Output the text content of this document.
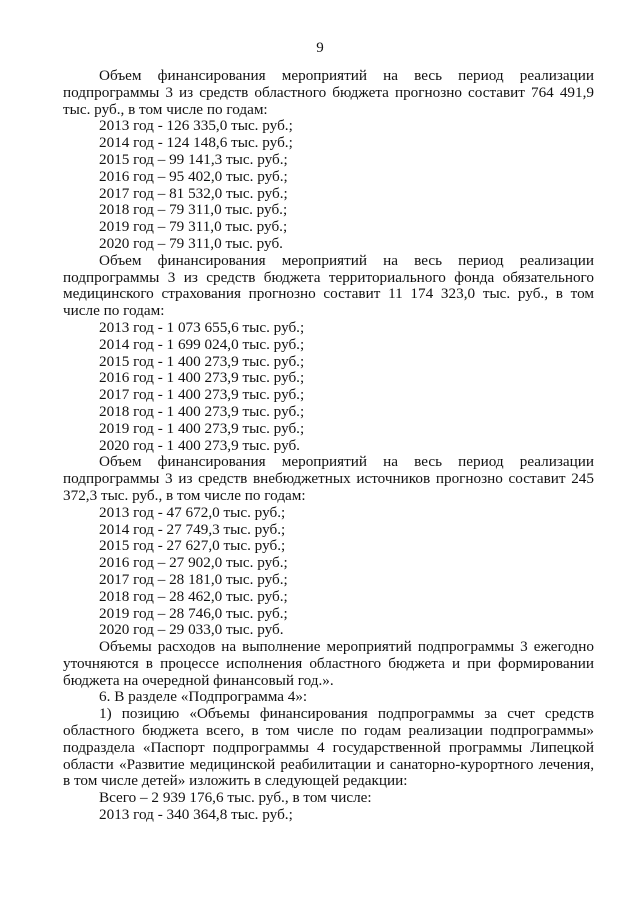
9

Объем финансирования мероприятий на весь период реализации подпрограммы 3 из средств областного бюджета прогнозно составит 764 491,9 тыс. руб., в том числе по годам:

2013 год - 126 335,0 тыс. руб.;
2014 год - 124 148,6 тыс. руб.;
2015 год – 99 141,3 тыс. руб.;
2016 год – 95 402,0 тыс. руб.;
2017 год – 81 532,0 тыс. руб.;
2018 год – 79 311,0 тыс. руб.;
2019 год – 79 311,0 тыс. руб.;
2020 год – 79 311,0 тыс. руб.

Объем финансирования мероприятий на весь период реализации подпрограммы 3 из средств бюджета территориального фонда обязательного медицинского страхования прогнозно составит 11 174 323,0 тыс. руб., в том числе по годам:

2013 год - 1 073 655,6 тыс. руб.;
2014 год - 1 699 024,0 тыс. руб.;
2015 год - 1 400 273,9 тыс. руб.;
2016 год - 1 400 273,9 тыс. руб.;
2017 год - 1 400 273,9 тыс. руб.;
2018 год - 1 400 273,9 тыс. руб.;
2019 год - 1 400 273,9 тыс. руб.;
2020 год - 1 400 273,9 тыс. руб.

Объем финансирования мероприятий на весь период реализации подпрограммы 3 из средств внебюджетных источников прогнозно составит 245 372,3 тыс. руб., в том числе по годам:

2013 год - 47 672,0 тыс. руб.;
2014 год - 27 749,3 тыс. руб.;
2015 год - 27 627,0 тыс. руб.;
2016 год – 27 902,0 тыс. руб.;
2017 год – 28 181,0 тыс. руб.;
2018 год – 28 462,0 тыс. руб.;
2019 год – 28 746,0 тыс. руб.;
2020 год – 29 033,0 тыс. руб.

Объемы расходов на выполнение мероприятий подпрограммы 3 ежегодно уточняются в процессе исполнения областного бюджета и при формировании бюджета на очередной финансовый год.».

6. В разделе «Подпрограмма 4»:

1) позицию «Объемы финансирования подпрограммы за счет средств областного бюджета всего, в том числе по годам реализации подпрограммы» подраздела «Паспорт подпрограммы 4 государственной программы Липецкой области «Развитие медицинской реабилитации и санаторно-курортного лечения, в том числе детей» изложить в следующей редакции:

Всего – 2 939 176,6 тыс. руб., в том числе:

2013 год - 340 364,8 тыс. руб.;
